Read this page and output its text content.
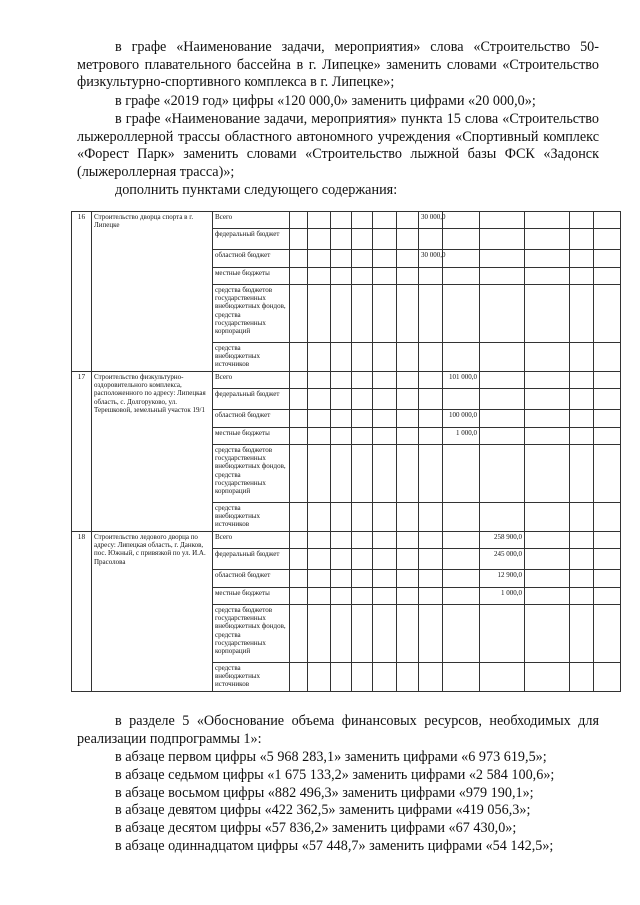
в графе «Наименование задачи, мероприятия» слова «Строительство 50-метрового плавательного бассейна в г. Липецке» заменить словами «Строительство физкультурно-спортивного комплекса в г. Липецке»;
в графе «2019 год» цифры «120 000,0» заменить цифрами «20 000,0»;
в графе «Наименование задачи, мероприятия» пункта 15 слова «Строительство лыжероллерной трассы областного автономного учреждения «Спортивный комплекс «Форест Парк» заменить словами «Строительство лыжной базы ФСК «Задонск (лыжероллерная трасса)»;
дополнить пунктами следующего содержания:
16	Строительство дворца спорта в г. Липецке	Всего							30 000,0					
		федеральный бюджет												
		областной бюджет							30 000,0					
		местные бюджеты												
		средства бюджетов государственных внебюджетных фондов, средства государственных корпораций												
		средства внебюджетных источников												
17	Строительство физкультурно-оздоровительного комплекса, расположенного по адресу: Липецкая область, с. Долгоруково, ул. Терешковой, земельный участок 19/1	Всего								101 000,0				
		федеральный бюджет												
		областной бюджет								100 000,0				
		местные бюджеты								1 000,0				
		средства бюджетов государственных внебюджетных фондов, средства государственных корпораций												
		средства внебюджетных источников												
18	Строительство ледового дворца по адресу: Липецкая область, г. Данков, пос. Южный, с привязкой по ул. И.А. Прасолова	Всего									258 900,0			
		федеральный бюджет									245 000,0			
		областной бюджет									12 900,0			
		местные бюджеты									1 000,0			
		средства бюджетов государственных внебюджетных фондов, средства государственных корпораций												
		средства внебюджетных источников												
в разделе 5 «Обоснование объема финансовых ресурсов, необходимых для реализации подпрограммы 1»:
в абзаце первом цифры «5 968 283,1» заменить цифрами «6 973 619,5»;
в абзаце седьмом цифры «1 675 133,2» заменить цифрами «2 584 100,6»;
в абзаце восьмом цифры «882 496,3» заменить цифрами «979 190,1»;
в абзаце девятом цифры «422 362,5» заменить цифрами «419 056,3»;
в абзаце десятом цифры «57 836,2» заменить цифрами «67 430,0»;
в абзаце одиннадцатом цифры «57 448,7» заменить цифрами «54 142,5»;
